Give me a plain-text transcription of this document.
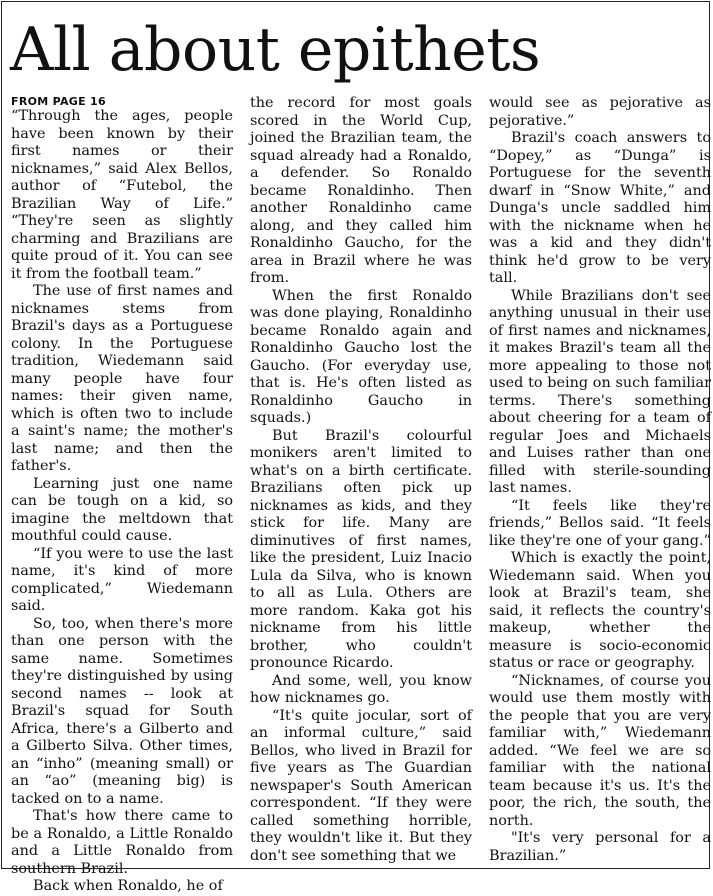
All about epithets
FROM PAGE 16

“Through the ages, people have been known by their first names or their nicknames,” said Alex Bellos, author of “Futebol, the Brazilian Way of Life.” “They're seen as slightly charming and Brazilians are quite proud of it. You can see it from the football team.”

The use of first names and nicknames stems from Brazil's days as a Portuguese colony. In the Portuguese tradition, Wiedemann said many people have four names: their given name, which is often two to include a saint's name; the mother's last name; and then the father's.

Learning just one name can be tough on a kid, so imagine the meltdown that mouthful could cause.

“If you were to use the last name, it's kind of more complicated,” Wiedemann said.

So, too, when there's more than one person with the same name. Sometimes they're distinguished by using second names -- look at Brazil's squad for South Africa, there's a Gilberto and a Gilberto Silva. Other times, an “inho” (meaning small) or an “ao” (meaning big) is tacked on to a name.

That's how there came to be a Ronaldo, a Little Ronaldo and a Little Ronaldo from southern Brazil.

Back when Ronaldo, he of

the record for most goals scored in the World Cup, joined the Brazilian team, the squad already had a Ronaldo, a defender. So Ronaldo became Ronaldinho. Then another Ronaldinho came along, and they called him Ronaldinho Gaucho, for the area in Brazil where he was from.

When the first Ronaldo was done playing, Ronaldinho became Ronaldo again and Ronaldinho Gaucho lost the Gaucho. (For everyday use, that is. He's often listed as Ronaldinho Gaucho in squads.)

But Brazil's colourful monikers aren't limited to what's on a birth certificate. Brazilians often pick up nicknames as kids, and they stick for life. Many are diminutives of first names, like the president, Luiz Inacio Lula da Silva, who is known to all as Lula. Others are more random. Kaka got his nickname from his little brother, who couldn't pronounce Ricardo.

And some, well, you know how nicknames go.

“It's quite jocular, sort of an informal culture,” said Bellos, who lived in Brazil for five years as The Guardian newspaper's South American correspondent. “If they were called something horrible, they wouldn't like it. But they don't see something that we

would see as pejorative as pejorative.”

Brazil's coach answers to “Dopey,” as “Dunga” is Portuguese for the seventh dwarf in “Snow White,” and Dunga's uncle saddled him with the nickname when he was a kid and they didn't think he'd grow to be very tall.

While Brazilians don't see anything unusual in their use of first names and nicknames, it makes Brazil's team all the more appealing to those not used to being on such familiar terms. There's something about cheering for a team of regular Joes and Michaels and Luises rather than one filled with sterile-sounding last names.

“It feels like they're friends,” Bellos said. “It feels like they're one of your gang.”

Which is exactly the point, Wiedemann said. When you look at Brazil's team, she said, it reflects the country's makeup, whether the measure is socio-economic status or race or geography.

“Nicknames, of course you would use them mostly with the people that you are very familiar with,” Wiedemann added. “We feel we are so familiar with the national team because it's us. It's the poor, the rich, the south, the north.

"It's very personal for a Brazilian.”
